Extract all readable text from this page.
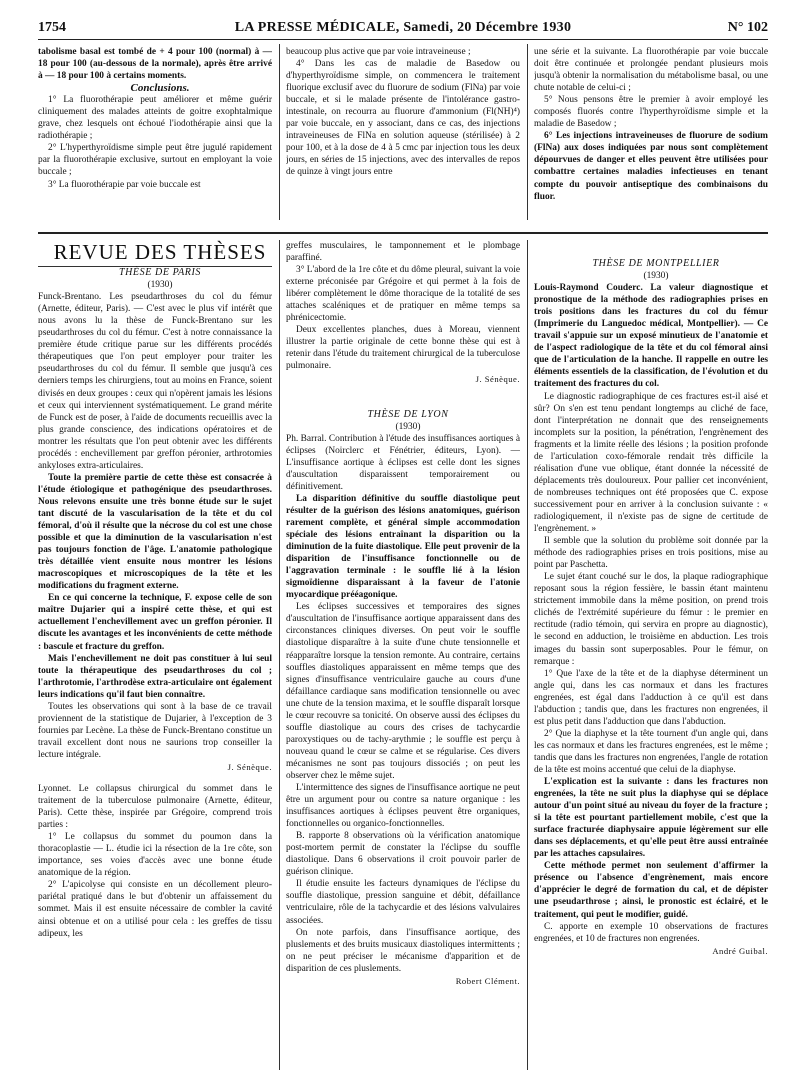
1754	LA PRESSE MÉDICALE, Samedi, 20 Décembre 1930	N° 102

tabolisme basal est tombé de + 4 pour 100 (normal) à — 18 pour 100 (au-dessous de la normale), après être arrivé à — 18 pour 100 à certains moments.

Conclusions.

1° La fluorothérapie peut améliorer et même guérir cliniquement des malades atteints de goitre exophtalmique grave, chez lesquels ont échoué l'iodothérapie ainsi que la radiothérapie ;

2° L'hyperthyroïdisme simple peut être jugulé rapidement par la fluorothérapie exclusive, surtout en employant la voie buccale ;

3° La fluorothérapie par voie buccale est

beaucoup plus active que par voie intraveineuse ;

4° Dans les cas de maladie de Basedow ou d'hyperthyroïdisme simple, on commencera le traitement fluorique exclusif avec du fluorure de sodium (FlNa) par voie buccale, et si le malade présente de l'intolérance gastro-intestinale, on recourra au fluorure d'ammonium (Fl(NH)⁴) par voie buccale, en y associant, dans ce cas, des injections intraveineuses de FlNa en solution aqueuse (stérilisée) à 2 pour 100, et à la dose de 4 à 5 cmc par injection tous les deux jours, en séries de 15 injections, avec des intervalles de repos de quinze à vingt jours entre

une série et la suivante. La fluorothérapie par voie buccale doit être continuée et prolongée pendant plusieurs mois jusqu'à obtenir la normalisation du métabolisme basal, ou une chute notable de celui-ci ;

5° Nous pensons être le premier à avoir employé les composés fluorés contre l'hyperthyroïdisme simple et la maladie de Basedow ;

6° Les injections intraveineuses de fluorure de sodium (FlNa) aux doses indiquées par nous sont complètement dépourvues de danger et elles peuvent être utilisées pour combattre certaines maladies infectieuses en tenant compte du pouvoir antiseptique des combinaisons du fluor.

REVUE DES THÈSES

THÈSE DE PARIS

(1930)

Funck-Brentano. Les pseudarthroses du col du fémur (Arnette, éditeur, Paris). — C'est avec le plus vif intérêt que nous avons lu la thèse de Funck-Brentano sur les pseudarthroses du col du fémur. C'est à notre connaissance la première étude critique parue sur les différents procédés thérapeutiques que l'on peut employer pour traiter les pseudarthroses du col du fémur. Il semble que jusqu'à ces derniers temps les chirurgiens, tout au moins en France, soient divisés en deux groupes : ceux qui n'opèrent jamais les lésions et ceux qui interviennent systématiquement. Le grand mérite de Funck est de poser, à l'aide de documents recueillis avec la plus grande conscience, des indications opératoires et de montrer les résultats que l'on peut obtenir avec les différents procédés : enchevillement par greffon péronier, arthrotomies ankyloses extra-articulaires.

Toute la première partie de cette thèse est consacrée à l'étude étiologique et pathogénique des pseudarthroses. Nous relevons ensuite une très bonne étude sur le sujet tant discuté de la vascularisation de la tête et du col fémoral, d'où il résulte que la nécrose du col est une chose possible et que la diminution de la vascularisation n'est pas toujours fonction de l'âge. L'anatomie pathologique très détaillée vient ensuite nous montrer les lésions macroscopiques et microscopiques de la tête et les modifications du fragment externe.

En ce qui concerne la technique, F. expose celle de son maître Dujarier qui a inspiré cette thèse, et qui est actuellement l'enchevillement avec un greffon péronier. Il discute les avantages et les inconvénients de cette méthode : bascule et fracture du greffon.

Mais l'enchevillement ne doit pas constituer à lui seul toute la thérapeutique des pseudarthroses du col ; l'arthrotomie, l'arthrodèse extra-articulaire ont également leurs indications qu'il faut bien connaître.

Toutes les observations qui sont à la base de ce travail proviennent de la statistique de Dujarier, à l'exception de 3 fournies par Lecène. La thèse de Funck-Brentano constitue un travail excellent dont nous ne saurions trop conseiller la lecture intégrale.

J. Sénèque.

Lyonnet. Le collapsus chirurgical du sommet dans le traitement de la tuberculose pulmonaire (Arnette, éditeur, Paris). Cette thèse, inspirée par Grégoire, comprend trois parties :

1° Le collapsus du sommet du poumon dans la thoracoplastie — L. étudie ici la résection de la 1re côte, son importance, ses voies d'accès avec une bonne étude anatomique de la région.

2° L'apicolyse qui consiste en un décollement pleuro-pariétal pratiqué dans le but d'obtenir un affaissement du sommet. Mais il est ensuite nécessaire de combler la cavité ainsi obtenue et on a utilisé pour cela : les greffes de tissu adipeux, les

greffes musculaires, le tamponnement et le plombage paraffiné.

3° L'abord de la 1re côte et du dôme pleural, suivant la voie externe préconisée par Grégoire et qui permet à la fois de libérer complètement le dôme thoracique de la totalité de ses attaches scaléniques et de pratiquer en même temps sa phrénicectomie.

Deux excellentes planches, dues à Moreau, viennent illustrer la partie originale de cette bonne thèse qui est à retenir dans l'étude du traitement chirurgical de la tuberculose pulmonaire.

J. Sénèque.

THÈSE DE LYON

(1930)

Ph. Barral. Contribution à l'étude des insuffisances aortiques à éclipses (Noirclerc et Fénétrier, éditeurs, Lyon). — L'insuffisance aortique à éclipses est celle dont les signes d'auscultation disparaissent temporairement ou définitivement.

La disparition définitive du souffle diastolique peut résulter de la guérison des lésions anatomiques, guérison rarement complète, et général simple accommodation spéciale des lésions entraînant la disparition ou la diminution de la fuite diastolique. Elle peut provenir de la disparition de l'insuffisance fonctionnelle ou de l'aggravation terminale : le souffle lié à la lésion sigmoïdienne disparaissant à la faveur de l'atonie myocardique prééagonique.

Les éclipses successives et temporaires des signes d'auscultation de l'insuffisance aortique apparaissent dans des circonstances cliniques diverses. On peut voir le souffle diastolique disparaître à la suite d'une chute tensionnelle et réapparaître lorsque la tension remonte. Au contraire, certains souffles diastoliques apparaissent en même temps que des signes d'insuffisance ventriculaire gauche au cours d'une défaillance cardiaque sans modification tensionnelle ou avec une chute de la tension maxima, et le souffle disparaît lorsque le cœur recouvre sa tonicité. On observe aussi des éclipses du souffle diastolique au cours des crises de tachycardie paroxystiques ou de tachy-arythmie ; le souffle est perçu à nouveau quand le cœur se calme et se régularise. Ces divers mécanismes ne sont pas toujours dissociés ; on peut les observer chez le même sujet.

L'intermittence des signes de l'insuffisance aortique ne peut être un argument pour ou contre sa nature organique : les insuffisances aortiques à éclipses peuvent être organiques, fonctionnelles ou organico-fonctionnelles.

B. rapporte 8 observations où la vérification anatomique post-mortem permit de constater la l'éclipse du souffle diastolique. Dans 6 observations il croit pouvoir parler de guérison clinique.

Il étudie ensuite les facteurs dynamiques de l'éclipse du souffle diastolique, pression sanguine et débit, défaillance ventriculaire, rôle de la tachycardie et des lésions valvulaires associées.

On note parfois, dans l'insuffisance aortique, des pluslements et des bruits musicaux diastoliques intermittents ; on ne peut préciser le mécanisme d'apparition et de disparition de ces pluslements.

Robert Clément.

THÈSE DE MONTPELLIER

(1930)

Louis-Raymond Couderc. La valeur diagnostique et pronostique de la méthode des radiographies prises en trois positions dans les fractures du col du fémur (Imprimerie du Languedoc médical, Montpellier). — Ce travail s'appuie sur un exposé minutieux de l'anatomie et de l'aspect radiologique de la tête et du col fémoral ainsi que de l'articulation de la hanche. Il rappelle en outre les éléments essentiels de la classification, de l'évolution et du traitement des fractures du col.

Le diagnostic radiographique de ces fractures est-il aisé et sûr? On s'en est tenu pendant longtemps au cliché de face, dont l'interprétation ne donnait que des renseignements incomplets sur la position, la pénétration, l'engrènement des fragments et la limite réelle des lésions ; la position profonde de l'articulation coxo-fémorale rendait très difficile la réalisation d'une vue oblique, étant donnée la nécessité de déplacements très douloureux. Pour pallier cet inconvénient, de nombreuses techniques ont été proposées que C. expose successivement pour en arriver à la conclusion suivante : « radiologiquement, il n'existe pas de signe de certitude de l'engrènement. »

Il semble que la solution du problème soit donnée par la méthode des radiographies prises en trois positions, mise au point par Paschetta.

Le sujet étant couché sur le dos, la plaque radiographique reposant sous la région fessière, le bassin étant maintenu strictement immobile dans la même position, on prend trois clichés de l'extrémité supérieure du fémur : le premier en rectitude (radio témoin, qui servira en propre au diagnostic), le second en adduction, le troisième en abduction. Les trois images du bassin sont superposables. Pour le fémur, on remarque :

1° Que l'axe de la tête et de la diaphyse déterminent un angle qui, dans les cas normaux et dans les fractures engrenées, est égal dans l'adduction à ce qu'il est dans l'abduction ; tandis que, dans les fractures non engrenées, il est plus petit dans l'adduction que dans l'abduction.

2° Que la diaphyse et la tête tournent d'un angle qui, dans les cas normaux et dans les fractures engrenées, est le même ; tandis que dans les fractures non engrenées, l'angle de rotation de la tête est moins accentué que celui de la diaphyse.

L'explication est la suivante : dans les fractures non engrenées, la tête ne suit plus la diaphyse qui se déplace autour d'un point situé au niveau du foyer de la fracture ; si la tête est pourtant partiellement mobile, c'est que la surface fracturée diaphysaire appuie légèrement sur elle dans ses déplacements, et qu'elle peut être aussi entraînée par les attaches capsulaires.

Cette méthode permet non seulement d'affirmer la présence ou l'absence d'engrènement, mais encore d'apprécier le degré de formation du cal, et de dépister une pseudarthrose ; ainsi, le pronostic est éclairé, et le traitement, qui peut le modifier, guidé.

C. apporte en exemple 10 observations de fractures engrenées, et 10 de fractures non engrenées.

André Guibal.
